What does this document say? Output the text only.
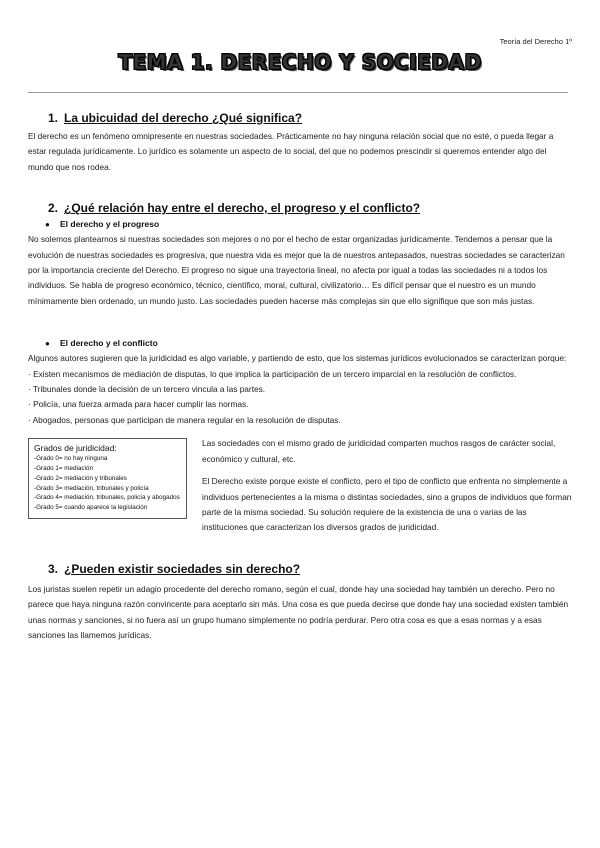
Teoría del Derecho 1º
TEMA 1. DERECHO Y SOCIEDAD
1. La ubicuidad del derecho ¿Qué significa?

El derecho es un fenómeno omnipresente en nuestras sociedades. Prácticamente no hay ninguna relación social que no esté, o pueda llegar a estar regulada jurídicamente. Lo jurídico es solamente un aspecto de lo social, del que no podemos prescindir si queremos entender algo del mundo que nos rodea.

2. ¿Qué relación hay entre el derecho, el progreso y el conflicto?
● El derecho y el progreso

No solemos plantearnos si nuestras sociedades son mejores o no por el hecho de estar organizadas jurídicamente. Tendemos a pensar que la evolución de nuestras sociedades es progresiva, que nuestra vida es mejor que la de nuestros antepasados, nuestras sociedades se caracterizan por la importancia creciente del Derecho. El progreso no sigue una trayectoria lineal, no afecta por igual a todas las sociedades ni a todos los individuos. Se habla de progreso económico, técnico, científico, moral, cultural, civilizatorio… Es difícil pensar que el nuestro es un mundo mínimamente bien ordenado, un mundo justo. Las sociedades pueden hacerse más complejas sin que ello signifique que son más justas.

● El derecho y el conflicto

Algunos autores sugieren que la juridicidad es algo variable, y partiendo de esto, que los sistemas jurídicos evolucionados se caracterizan porque:

· Existen mecanismos de mediación de disputas, lo que implica la participación de un tercero imparcial en la resolución de conflictos.

· Tribunales donde la decisión de un tercero vincula a las partes.

· Policía, una fuerza armada para hacer cumplir las normas.

· Abogados, personas que participan de manera regular en la resolución de disputas.

Grados de juridicidad:
-Grado 0= no hay ninguna
-Grado 1= mediación
-Grado 2= mediación y tribunales
-Grado 3= mediación, tribunales y policía
-Grado 4= mediación, tribunales, policía y abogados
-Grado 5= cuando aparece la legislación

Las sociedades con el mismo grado de juridicidad comparten muchos rasgos de carácter social, económico y cultural, etc.

El Derecho existe porque existe el conflicto, pero el tipo de conflicto que enfrenta no simplemente a individuos pertenecientes a la misma o distintas sociedades, sino a grupos de individuos que forman parte de la misma sociedad. Su solución requiere de la existencia de una o varias de las instituciones que caracterizan los diversos grados de juridicidad.

3. ¿Pueden existir sociedades sin derecho?

Los juristas suelen repetir un adagio procedente del derecho romano, según el cual, donde hay una sociedad hay también un derecho. Pero no parece que haya ninguna razón convincente para aceptarlo sin más. Una cosa es que pueda decirse que donde hay una sociedad existen también unas normas y sanciones, si no fuera así un grupo humano simplemente no podría perdurar. Pero otra cosa es que a esas normas y a esas sanciones las llamemos jurídicas.
